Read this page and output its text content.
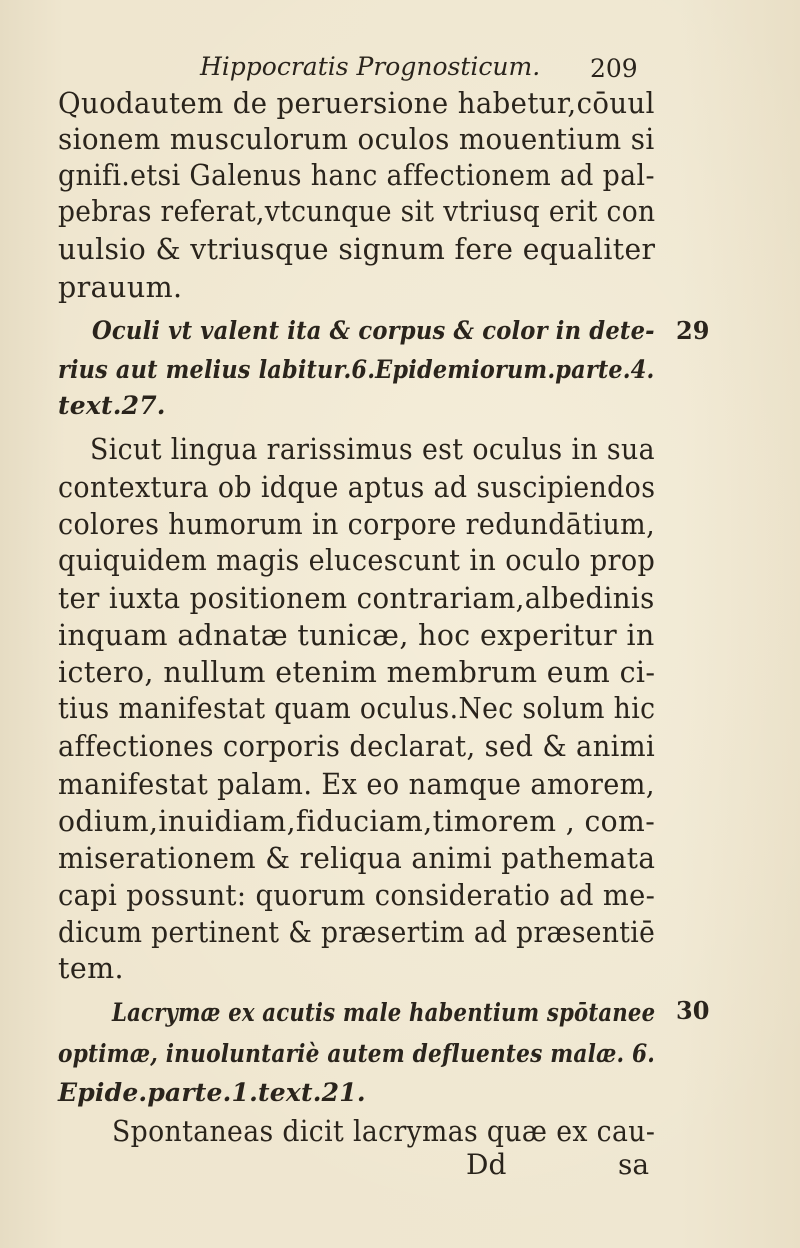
Hippocratis Prognosticum. 209
Quodautem de peruersione habetur,cōuul
sionem musculorum oculos mouentium si
gnifi.etsi Galenus hanc affectionem ad pal-
pebras referat,vtcunque sit vtriusq erit con
uulsio & vtriusque signum fere equaliter
prauum.
Oculi vt valent ita & corpus & color in dete-
rius aut melius labitur.6.Epidemiorum.parte.4.
text.27.
Sicut lingua rarissimus est oculus in sua
contextura ob idque aptus ad suscipiendos
colores humorum in corpore redundātium,
quiquidem magis elucescunt in oculo prop
ter iuxta positionem contrariam,albedinis
inquam adnatæ tunicæ, hoc experitur in
ictero, nullum etenim membrum eum ci-
tius manifestat quam oculus.Nec solum hic
affectiones corporis declarat, sed & animi
manifestat palam. Ex eo namque amorem,
odium,inuidiam,fiduciam,timorem , com-
miserationem & reliqua animi pathemata
capi possunt: quorum consideratio ad me-
dicum pertinent & præsertim ad præsentiē
tem.
Lacrymæ ex acutis male habentium spōtanee
optimæ, inuoluntariè autem defluentes malæ. 6.
Epide.parte.1.text.21.
Spontaneas dicit lacrymas quæ ex cau-
29
30
Dd	sa
